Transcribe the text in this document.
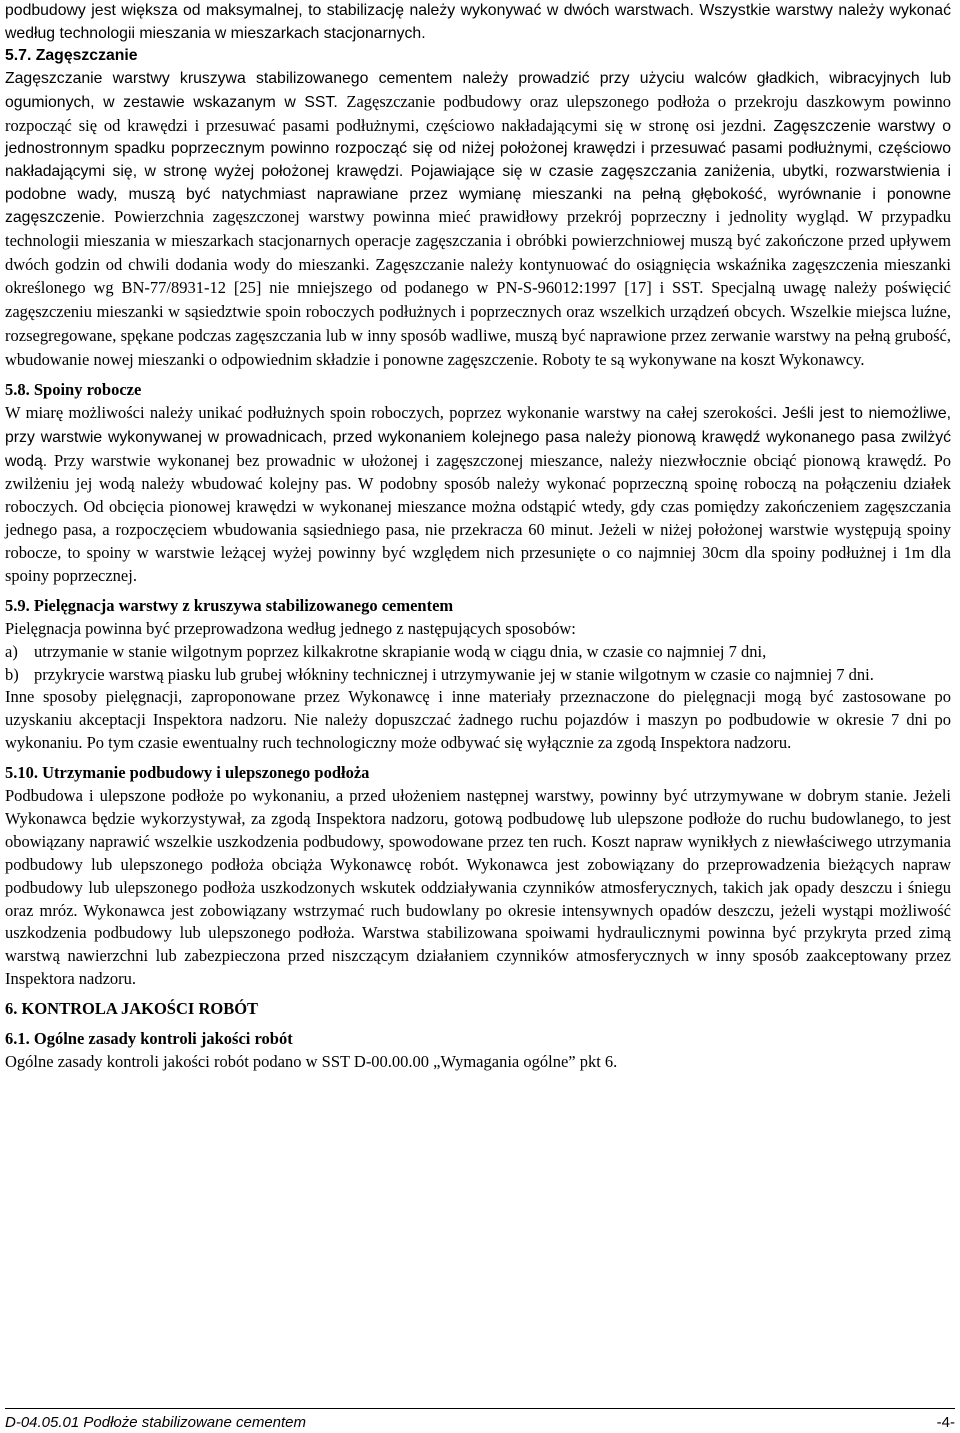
podbudowy jest większa od maksymalnej, to stabilizację należy wykonywać w dwóch warstwach. Wszystkie warstwy należy wykonać według technologii mieszania w mieszarkach stacjonarnych.

5.7. Zagęszczanie

Zagęszczanie warstwy kruszywa stabilizowanego cementem należy prowadzić przy użyciu walców gładkich, wibracyjnych lub ogumionych, w zestawie wskazanym w SST. Zagęszczanie podbudowy oraz ulepszonego podłoża o przekroju daszkowym powinno rozpocząć się od krawędzi i przesuwać pasami podłużnymi, częściowo nakładającymi się w stronę osi jezdni. Zagęszczenie warstwy o jednostronnym spadku poprzecznym powinno rozpocząć się od niżej położonej krawędzi i przesuwać pasami podłużnymi, częściowo nakładającymi się, w stronę wyżej położonej krawędzi. Pojawiające się w czasie zagęszczania zaniżenia, ubytki, rozwarstwienia i podobne wady, muszą być natychmiast naprawiane przez wymianę mieszanki na pełną głębokość, wyrównanie i ponowne zagęszczenie. Powierzchnia zagęszczonej warstwy powinna mieć prawidłowy przekrój poprzeczny i jednolity wygląd. W przypadku technologii mieszania w mieszarkach stacjonarnych operacje zagęszczania i obróbki powierzchniowej muszą być zakończone przed upływem dwóch godzin od chwili dodania wody do mieszanki. Zagęszczanie należy kontynuować do osiągnięcia wskaźnika zagęszczenia mieszanki określonego wg BN-77/8931-12 [25] nie mniejszego od podanego w PN-S-96012:1997 [17] i SST. Specjalną uwagę należy poświęcić zagęszczeniu mieszanki w sąsiedztwie spoin roboczych podłużnych i poprzecznych oraz wszelkich urządzeń obcych. Wszelkie miejsca luźne, rozsegregowane, spękane podczas zagęszczania lub w inny sposób wadliwe, muszą być naprawione przez zerwanie warstwy na pełną grubość, wbudowanie nowej mieszanki o odpowiednim składzie i ponowne zagęszczenie. Roboty te są wykonywane na koszt Wykonawcy.

5.8. Spoiny robocze

W miarę możliwości należy unikać podłużnych spoin roboczych, poprzez wykonanie warstwy na całej szerokości. Jeśli jest to niemożliwe, przy warstwie wykonywanej w prowadnicach, przed wykonaniem kolejnego pasa należy pionową krawędź wykonanego pasa zwilżyć wodą. Przy warstwie wykonanej bez prowadnic w ułożonej i zagęszczonej mieszance, należy niezwłocznie obciąć pionową krawędź. Po zwilżeniu jej wodą należy wbudować kolejny pas. W podobny sposób należy wykonać poprzeczną spoinę roboczą na połączeniu działek roboczych. Od obcięcia pionowej krawędzi w wykonanej mieszance można odstąpić wtedy, gdy czas pomiędzy zakończeniem zagęszczania jednego pasa, a rozpoczęciem wbudowania sąsiedniego pasa, nie przekracza 60 minut. Jeżeli w niżej położonej warstwie występują spoiny robocze, to spoiny w warstwie leżącej wyżej powinny być względem nich przesunięte o co najmniej 30cm dla spoiny podłużnej i 1m dla spoiny poprzecznej.

5.9. Pielęgnacja warstwy z kruszywa stabilizowanego cementem

Pielęgnacja powinna być przeprowadzona według jednego z następujących sposobów:

a) utrzymanie w stanie wilgotnym poprzez kilkakrotne skrapianie wodą w ciągu dnia, w czasie co najmniej 7 dni,
b) przykrycie warstwą piasku lub grubej włókniny technicznej i utrzymywanie jej w stanie wilgotnym w czasie co najmniej 7 dni.

Inne sposoby pielęgnacji, zaproponowane przez Wykonawcę i inne materiały przeznaczone do pielęgnacji mogą być zastosowane po uzyskaniu akceptacji Inspektora nadzoru. Nie należy dopuszczać żadnego ruchu pojazdów i maszyn po podbudowie w okresie 7 dni po wykonaniu. Po tym czasie ewentualny ruch technologiczny może odbywać się wyłącznie za zgodą Inspektora nadzoru.

5.10. Utrzymanie podbudowy i ulepszonego podłoża

Podbudowa i ulepszone podłoże po wykonaniu, a przed ułożeniem następnej warstwy, powinny być utrzymywane w dobrym stanie. Jeżeli Wykonawca będzie wykorzystywał, za zgodą Inspektora nadzoru, gotową podbudowę lub ulepszone podłoże do ruchu budowlanego, to jest obowiązany naprawić wszelkie uszkodzenia podbudowy, spowodowane przez ten ruch. Koszt napraw wynikłych z niewłaściwego utrzymania podbudowy lub ulepszonego podłoża obciąża Wykonawcę robót. Wykonawca jest zobowiązany do przeprowadzenia bieżących napraw podbudowy lub ulepszonego podłoża uszkodzonych wskutek oddziaływania czynników atmosferycznych, takich jak opady deszczu i śniegu oraz mróz. Wykonawca jest zobowiązany wstrzymać ruch budowlany po okresie intensywnych opadów deszczu, jeżeli wystąpi możliwość uszkodzenia podbudowy lub ulepszonego podłoża. Warstwa stabilizowana spoiwami hydraulicznymi powinna być przykryta przed zimą warstwą nawierzchni lub zabezpieczona przed niszczącym działaniem czynników atmosferycznych w inny sposób zaakceptowany przez Inspektora nadzoru.

6. KONTROLA JAKOŚCI ROBÓT
6.1. Ogólne zasady kontroli jakości robót

Ogólne zasady kontroli jakości robót podano w SST D-00.00.00 „Wymagania ogólne” pkt 6.

D-04.05.01 Podłoże stabilizowane cementem	-4-
